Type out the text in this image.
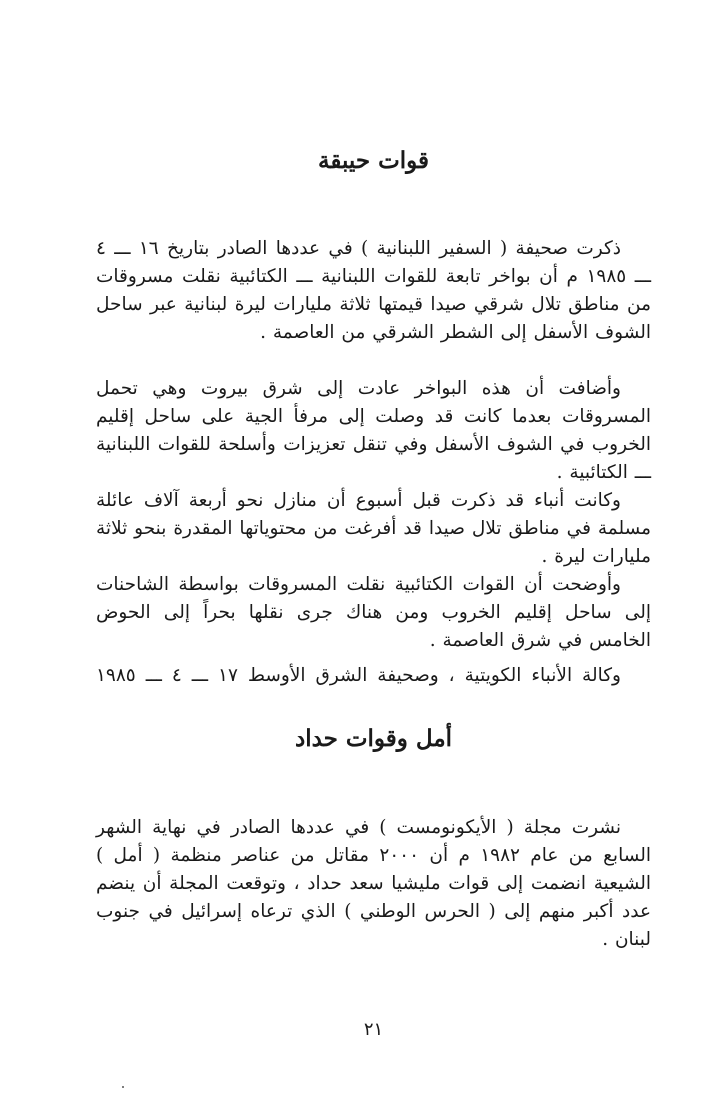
قوات حيبقة

ذكرت صحيفة ( السفير اللبنانية ) في عددها الصادر بتاريخ ١٦ ـــ ٤ ـــ ١٩٨٥ م أن بواخر تابعة للقوات اللبنانية ـــ الكتائبية نقلت مسروقات من مناطق تلال شرقي صيدا قيمتها ثلاثة مليارات ليرة لبنانية عبر ساحل الشوف الأسفل إلى الشطر الشرقي من العاصمة .

وأضافت أن هذه البواخر عادت إلى شرق بيروت وهي تحمل المسروقات بعدما كانت قد وصلت إلى مرفأ الجية على ساحل إقليم الخروب في الشوف الأسفل وفي تنقل تعزيزات وأسلحة للقوات اللبنانية ـــ الكتائبية .

وكانت أنباء قد ذكرت قبل أسبوع أن منازل نحو أربعة آلاف عائلة مسلمة في مناطق تلال صيدا قد أفرغت من محتوياتها المقدرة بنحو ثلاثة مليارات ليرة .

وأوضحت أن القوات الكتائبية نقلت المسروقات بواسطة الشاحنات إلى ساحل إقليم الخروب ومن هناك جرى نقلها بحراً إلى الحوض الخامس في شرق العاصمة .

وكالة الأنباء الكويتية ، وصحيفة الشرق الأوسط ١٧ ـــ ٤ ـــ ١٩٨٥

أمل وقوات حداد

نشرت مجلة ( الأيكونومست ) في عددها الصادر في نهاية الشهر السابع من عام ١٩٨٢ م أن ٢٠٠٠ مقاتل من عناصر منظمة ( أمل ) الشيعية انضمت إلى قوات مليشيا سعد حداد ، وتوقعت المجلة أن ينضم عدد أكبر منهم إلى ( الحرس الوطني ) الذي ترعاه إسرائيل في جنوب لبنان .

٢١
